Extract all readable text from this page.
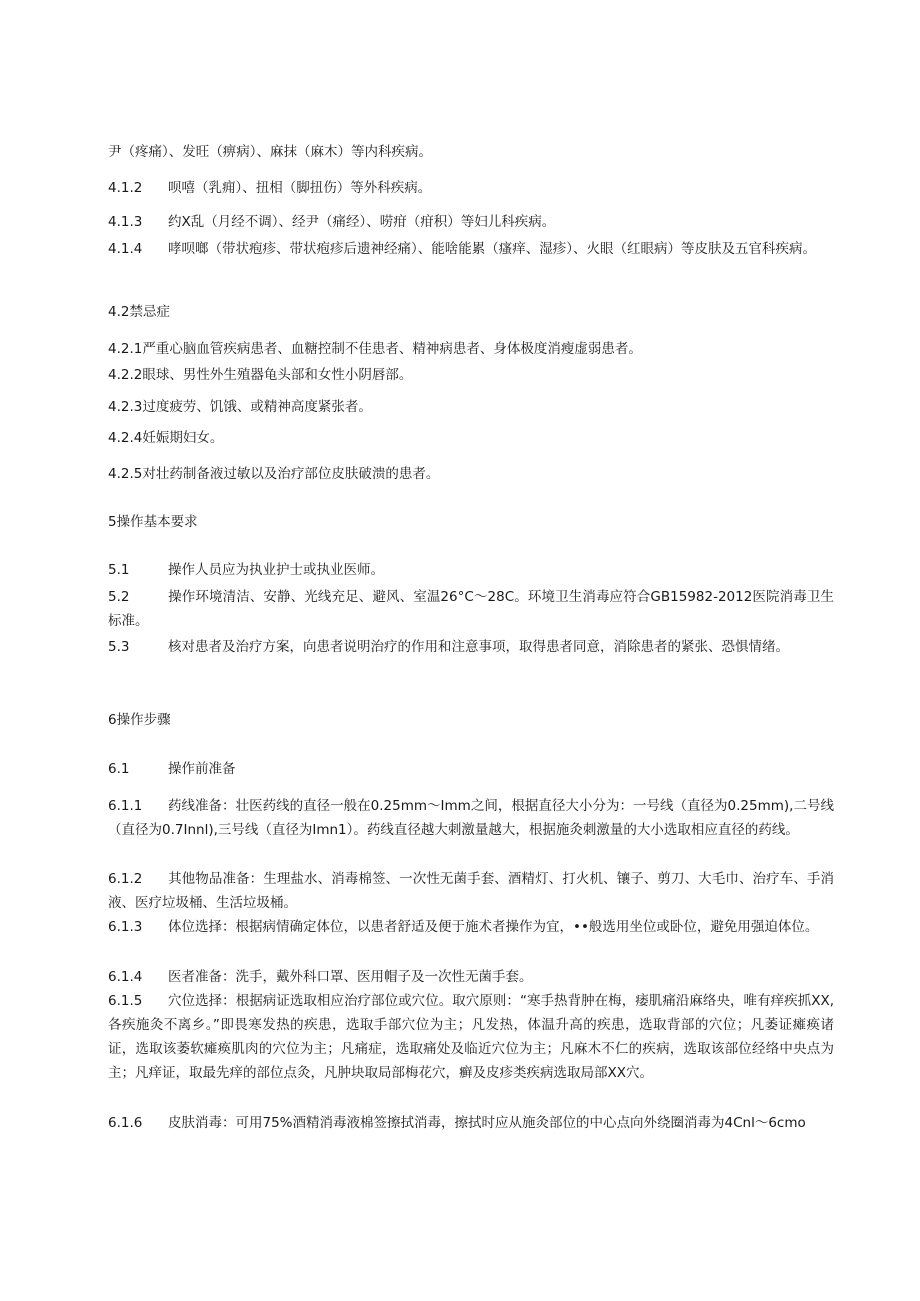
尹（疼痛）、发旺（痹病）、麻抹（麻木）等内科疾病。
4.1.2 呗嘻（乳痈）、扭相（脚扭伤）等外科疾病。
4.1.3 约X乱（月经不调）、经尹（痛经）、唠疳（疳积）等妇儿科疾病。
4.1.4 哮呗啷（带状疱疹、带状疱疹后遗神经痛）、能啥能累（瘙痒、湿疹）、火眼（红眼病）等皮肤及五官科疾病。
4.2禁忌症
4.2.1严重心脑血管疾病患者、血糖控制不佳患者、精神病患者、身体极度消瘦虚弱患者。
4.2.2眼球、男性外生殖器龟头部和女性小阴唇部。
4.2.3过度疲劳、饥饿、或精神高度紧张者。
4.2.4妊娠期妇女。
4.2.5对壮药制备液过敏以及治疗部位皮肤破溃的患者。
5操作基本要求
5.1	操作人员应为执业护士或执业医师。
5.2	操作环境清洁、安静、光线充足、避风、室温26°C～28C。环境卫生消毒应符合GB15982-2012医院消毒卫生标准。
5.3	核对患者及治疗方案，向患者说明治疗的作用和注意事项，取得患者同意，消除患者的紧张、恐惧情绪。
6操作步骤
6.1	操作前准备
6.1.1 药线准备：壮医药线的直径一般在0.25mm～Imm之间，根据直径大小分为：一号线（直径为0.25mm),二号线（直径为0.7Innl),三号线（直径为Imn1）。药线直径越大刺激量越大，根据施灸刺激量的大小选取相应直径的药线。
6.1.2 其他物品准备：生理盐水、消毒棉签、一次性无菌手套、酒精灯、打火机、镶子、剪刀、大毛巾、治疗车、手消液、医疗垃圾桶、生活垃圾桶。
6.1.3 体位选择：根据病情确定体位，以患者舒适及便于施术者操作为宜，••般选用坐位或卧位，避免用强迫体位。
6.1.4 医者准备：洗手，戴外科口罩、医用帽子及一次性无菌手套。
6.1.5 穴位选择：根据病证选取相应治疗部位或穴位。取穴原则：“寒手热背肿在梅，痿肌痛沿麻络央，唯有痒疾抓XX,各疾施灸不离乡。”即畏寒发热的疾患，选取手部穴位为主；凡发热，体温升高的疾患，选取背部的穴位；凡萎证瘫痪诸证，选取该萎软瘫痪肌肉的穴位为主；凡痛症，选取痛处及临近穴位为主；凡麻木不仁的疾病，选取该部位经络中央点为主；凡痒证，取最先痒的部位点灸，凡肿块取局部梅花穴，癣及皮疹类疾病选取局部XX穴。
6.1.6 皮肤消毒：可用75%酒精消毒液棉签擦拭消毒，擦拭时应从施灸部位的中心点向外绕圈消毒为4Cnl～6cmo
